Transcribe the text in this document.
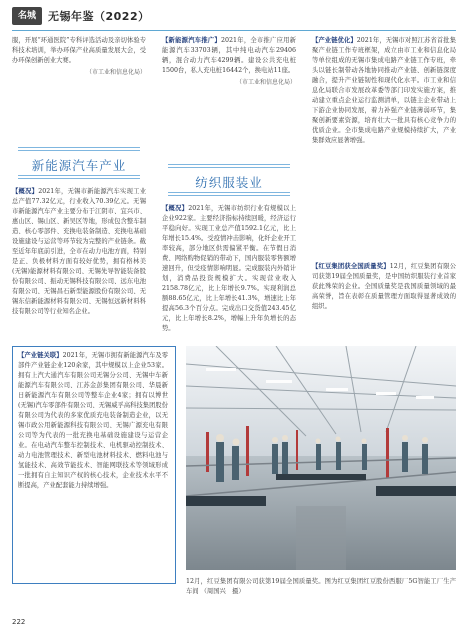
名城	无锡年鉴（2022）

服，开展“环通医院”专科评选活动及亲切体验专科技术培训，举办环保产业高质量发展大会，受办环保创新创业大赛。

（市工业和信息化局）

新能源汽车产业

【概况】2021年，无锡市新能源汽车实现工业总产值77.32亿元，行业收入70.39亿元。无锡市新能源汽车产业主要分布于江阴市、宜兴市、惠山区、锡山区、新吴区等地，形成包含整车制造、核心零部件、充换电装备制造、充换电基础设施建设与运营等环节较为完整的产业链条。截至近年年底前引进，全市在动力电池方面，特别是正、负极材料方面有较好优势，拥有格林美(无锡)能源材料有限公司、无锡先导智能装备股份有限公司、振动无锡科技有限公司、远东电池有限公司、无锡昌石新型能源股份有限公司、无锡东信新能源材料有限公司、无锡恒远新材料科技有限公司等行业知名企业。

【新能源汽车推广】2021年，全市推广应用新能源汽车33703辆，其中纯电动汽车29406辆，混合动力汽车4299辆。建设公共充电桩1500台，私人充电桩16442个，换电站11座。

（市工业和信息化局）

纺织服装业

【概况】2021年，无锡市纺织行业有规模以上企业922家。主要经济指标持续回暖，经济运行平稳向好。实现工业总产值1592.1亿元，比上年增长15.4%。受疫情冲击影响，化纤企业开工率较高，部分地区供需偏紧平衡。在节假日消费、网络购物促销的带动下，国内服装零售额增速回升，但受疫情影响明显。完成服装内外销计划，消费品投资规模扩大。实现营业收入2158.78亿元，比上年增长9.7%。实现利润总额88.65亿元，比上年增长41.3%，增速比上年提高56.3个百分点。完成出口交货值243.45亿元，比上年增长8.2%，增幅上升年负增长的态势。

【产业链优化】2021年，无锡市对照江苏省首批集聚产业链工作专班框架，成立由市工业和信息化局等单位组成的无锡市集成电路产业链工作专班，牵头以链长制带动各地协同推动产业链、创新链深度融合，提升产业链韧性和现代化水平。市工业和信息化局联合市发展改革委等部门印发实施方案，推动建立重点企业运行监测清单，以链主企业带动上下游企业协同发展，着力补强产业链薄弱环节，集聚创新要素资源，培育壮大一批具有核心竞争力的优质企业。全市集成电路产业规模持续扩大，产业集群效应显著增强。

【红豆集团获全国质量奖】12月，红豆集团有限公司获第19届全国质量奖，是中国纺织服装行业首家获此殊荣的企业。全国质量奖是我国质量领域的最高荣誉，旨在表彰在质量管理方面取得显著成效的组织。

【产业链关联】2021年，无锡市拥有新能源汽车及零部件产业链企业120余家，其中规模以上企业53家。拥有上汽大通汽车有限公司无锡分公司、无锡中车新能源汽车有限公司、江苏金彭集团有限公司、华晨新日新能源汽车有限公司等整车企业4家；拥有以博世(无锡)汽车零部件有限公司、无锡威孚高科技集团股份有限公司为代表的多家优质充电装备制造企业，以无锡市政公用新能源科技有限公司、无锡广源充电有限公司等为代表的一批充换电基础设施建设与运营企业。在电动汽车整车控制技术、电机驱动控制技术、动力电池管理技术、新型电池材料技术、燃料电池与氢能技术、高效节能技术、智能网联技术等领域形成一批拥有自主知识产权的核心技术，企业技术水平不断提高，产业配套能力持续增强。

12月，红豆集团有限公司获第19届全国质量奖。图为红豆集团红豆股份西服厂5G智能工厂生产车间 （周国兴　摄）
222
